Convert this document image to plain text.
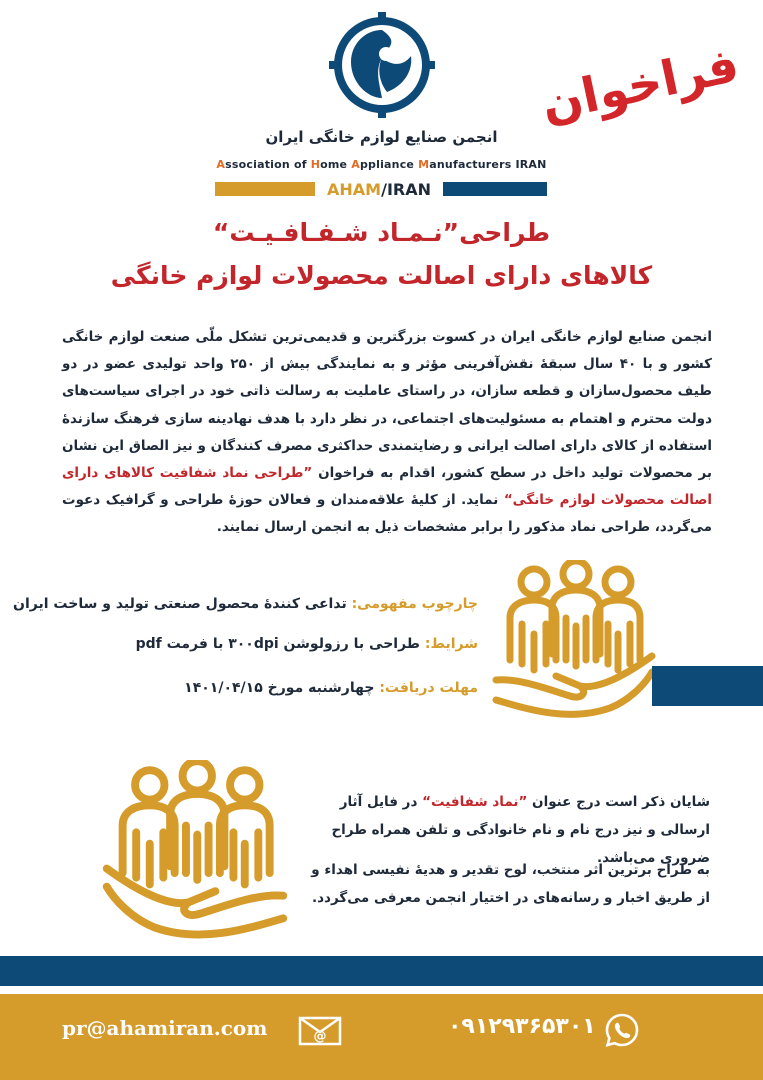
انجمن صنایع لوازم خانگی ایران
Association of Home Appliance Manufacturers IRAN
AHAM/IRAN
فراخوان
طراحی”نـمـاد شـفـافـیـت“
کالاهای دارای اصالت محصولات لوازم خانگی
انجمن صنایع لوازم خانگی ایران در کسوت بزرگترین و قدیمی‌ترین تشکل ملّی صنعت لوازم خانگی کشور و با ۴۰ سال سبقهٔ نقش‌آفرینی مؤثر و به نمایندگی بیش از ۲۵۰ واحد تولیدی عضو در دو طیف محصول‌سازان و قطعه سازان، در راستای عاملیت به رسالت ذاتی خود در اجرای سیاست‌های دولت محترم و اهتمام به مسئولیت‌های اجتماعی، در نظر دارد با هدف نهادینه سازی فرهنگ سازندهٔ استفاده از کالای دارای اصالت ایرانی و رضایتمندی حداکثری مصرف کنندگان و نیز الصاق این نشان بر محصولات تولید داخل در سطح کشور، اقدام به فراخوان ”طراحی نماد شفافیت کالاهای دارای اصالت محصولات لوازم خانگی“ نماید. از کلیهٔ علاقه‌مندان و فعالان حوزهٔ طراحی و گرافیک دعوت می‌گردد، طراحی نماد مذکور را برابر مشخصات ذیل به انجمن ارسال نمایند.
چارچوب مفهومی: تداعی کنندهٔ محصول صنعتی تولید و ساخت ایران
شرایط: طراحی با رزولوشن ۳۰۰dpi با فرمت pdf
مهلت دریافت: چهارشنبه مورخ ۱۴۰۱/۰۴/۱۵
شایان ذکر است درج عنوان ”نماد شفافیت“ در فایل آثار ارسالی و نیز درج نام و نام خانوادگی و تلفن همراه طراح ضروری می‌باشد.
به طراح برترین اثر منتخب، لوح تقدیر و هدیهٔ نفیسی اهداء و از طریق اخبار و رسانه‌های در اختیار انجمن معرفی می‌گردد.
pr@ahamiran.com	@	۰۹۱۲۹۳۶۵۳۰۱
